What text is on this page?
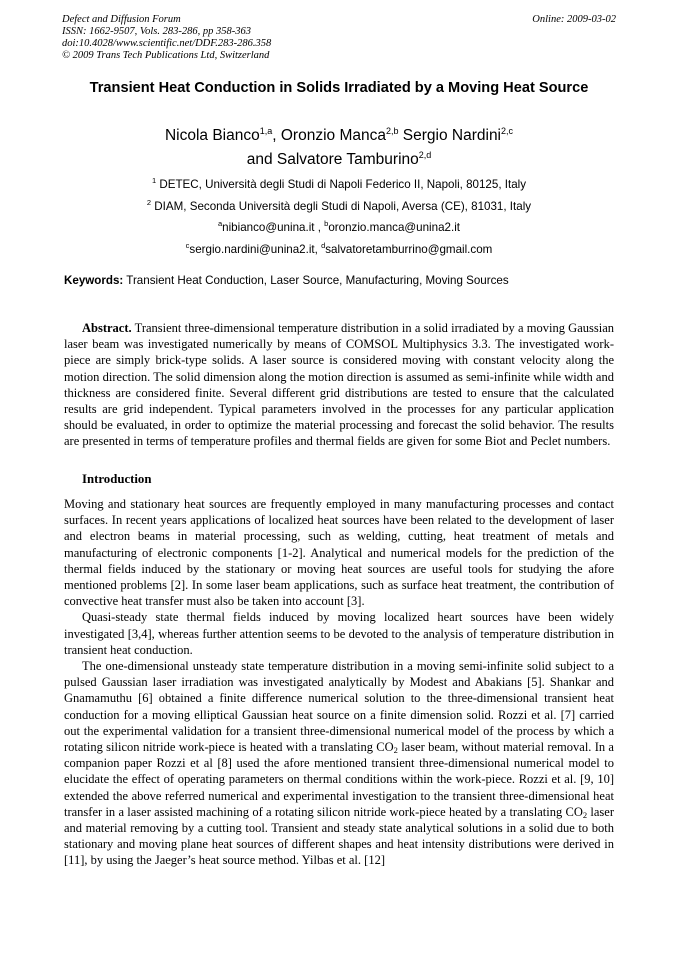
Defect and Diffusion Forum
ISSN: 1662-9507, Vols. 283-286, pp 358-363
doi:10.4028/www.scientific.net/DDF.283-286.358
© 2009 Trans Tech Publications Ltd, Switzerland
Online: 2009-03-02
Transient Heat Conduction in Solids Irradiated by a Moving Heat Source
Nicola Bianco$^{1,a}$, Oronzio Manca$^{2,b}$ Sergio Nardini$^{2,c}$
and Salvatore Tamburino$^{2,d}$
$^1$ DETEC, Università degli Studi di Napoli Federico II, Napoli, 80125, Italy
$^2$ DIAM, Seconda Università degli Studi di Napoli, Aversa (CE), 81031, Italy
$^a$nibianco@unina.it , $^b$oronzio.manca@unina2.it
$^c$sergio.nardini@unina2.it, $^d$salvatoretamburrino@gmail.com
Keywords: Transient Heat Conduction, Laser Source, Manufacturing, Moving Sources
Abstract. Transient three-dimensional temperature distribution in a solid irradiated by a moving Gaussian laser beam was investigated numerically by means of COMSOL Multiphysics 3.3. The investigated work-piece are simply brick-type solids. A laser source is considered moving with constant velocity along the motion direction. The solid dimension along the motion direction is assumed as semi-infinite while width and thickness are considered finite. Several different grid distributions are tested to ensure that the calculated results are grid independent. Typical parameters involved in the processes for any particular application should be evaluated, in order to optimize the material processing and forecast the solid behavior. The results are presented in terms of temperature profiles and thermal fields are given for some Biot and Peclet numbers.
Introduction

Moving and stationary heat sources are frequently employed in many manufacturing processes and contact surfaces. In recent years applications of localized heat sources have been related to the development of laser and electron beams in material processing, such as welding, cutting, heat treatment of metals and manufacturing of electronic components [1-2]. Analytical and numerical models for the prediction of the thermal fields induced by the stationary or moving heat sources are useful tools for studying the afore mentioned problems [2]. In some laser beam applications, such as surface heat treatment, the contribution of convective heat transfer must also be taken into account [3].

Quasi-steady state thermal fields induced by moving localized heart sources have been widely investigated [3,4], whereas further attention seems to be devoted to the analysis of temperature distribution in transient heat conduction.

The one-dimensional unsteady state temperature distribution in a moving semi-infinite solid subject to a pulsed Gaussian laser irradiation was investigated analytically by Modest and Abakians [5]. Shankar and Gnamamuthu [6] obtained a finite difference numerical solution to the three-dimensional transient heat conduction for a moving elliptical Gaussian heat source on a finite dimension solid. Rozzi et al. [7] carried out the experimental validation for a transient three-dimensional numerical model of the process by which a rotating silicon nitride work-piece is heated with a translating $CO_2$ laser beam, without material removal. In a companion paper Rozzi et al [8] used the afore mentioned transient three-dimensional numerical model to elucidate the effect of operating parameters on thermal conditions within the work-piece. Rozzi et al. [9, 10] extended the above referred numerical and experimental investigation to the transient three-dimensional heat transfer in a laser assisted machining of a rotating silicon nitride work-piece heated by a translating $CO_2$ laser and material removing by a cutting tool. Transient and steady state analytical solutions in a solid due to both stationary and moving plane heat sources of different shapes and heat intensity distributions were derived in [11], by using the Jaeger’s heat source method. Yilbas et al. [12]
